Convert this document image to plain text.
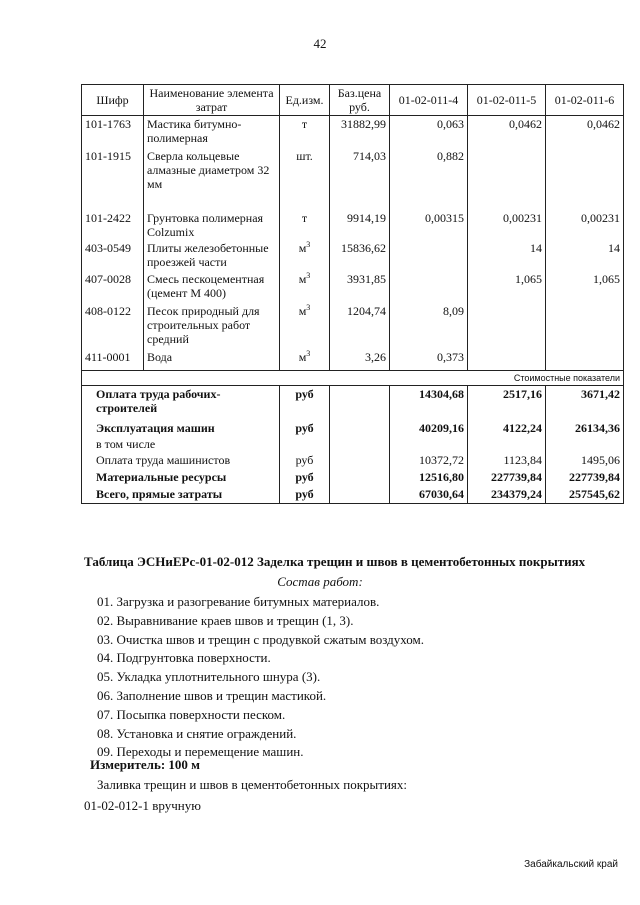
42
Шифр	Наименование элемента затрат	Ед.изм.	Баз.цена руб.	01-02-011-4	01-02-011-5	01-02-011-6
101-1763	Мастика битумно-полимерная	т	31882,99	0,063	0,0462	0,0462
101-1915	Сверла кольцевые алмазные диаметром 32 мм	шт.	714,03	0,882		
101-2422	Грунтовка полимерная Colzumix	т	9914,19	0,00315	0,00231	0,00231
403-0549	Плиты железобетонные проезжей части	$м^3$	15836,62		14	14
407-0028	Смесь пескоцементная (цемент М 400)	$м^3$	3931,85		1,065	1,065
408-0122	Песок природный для строительных работ средний	$м^3$	1204,74	8,09		
411-0001	Вода	$м^3$	3,26	0,373		
Стоимостные показатели						
Оплата труда рабочих-строителей		руб		14304,68	2517,16	3671,42
Эксплуатация машин		руб		40209,16	4122,24	26134,36
в том числе						
Оплата труда машинистов		руб		10372,72	1123,84	1495,06
Материальные ресурсы		руб		12516,80	227739,84	227739,84
Всего, прямые затраты		руб		67030,64	234379,24	257545,62
Таблица ЭСНиЕРс-01-02-012 Заделка трещин и швов в цементобетонных покрытиях
Состав работ:
01. Загрузка и разогревание битумных материалов.
02. Выравнивание краев швов и трещин (1, 3).
03. Очистка швов и трещин с продувкой сжатым воздухом.
04. Подгрунтовка поверхности.
05. Укладка уплотнительного шнура (3).
06. Заполнение швов и трещин мастикой.
07. Посыпка поверхности песком.
08. Установка и снятие ограждений.
09. Переходы и перемещение машин.
Измеритель: 100 м
Заливка трещин и швов в цементобетонных покрытиях:
01-02-012-1 вручную
Забайкальский край
